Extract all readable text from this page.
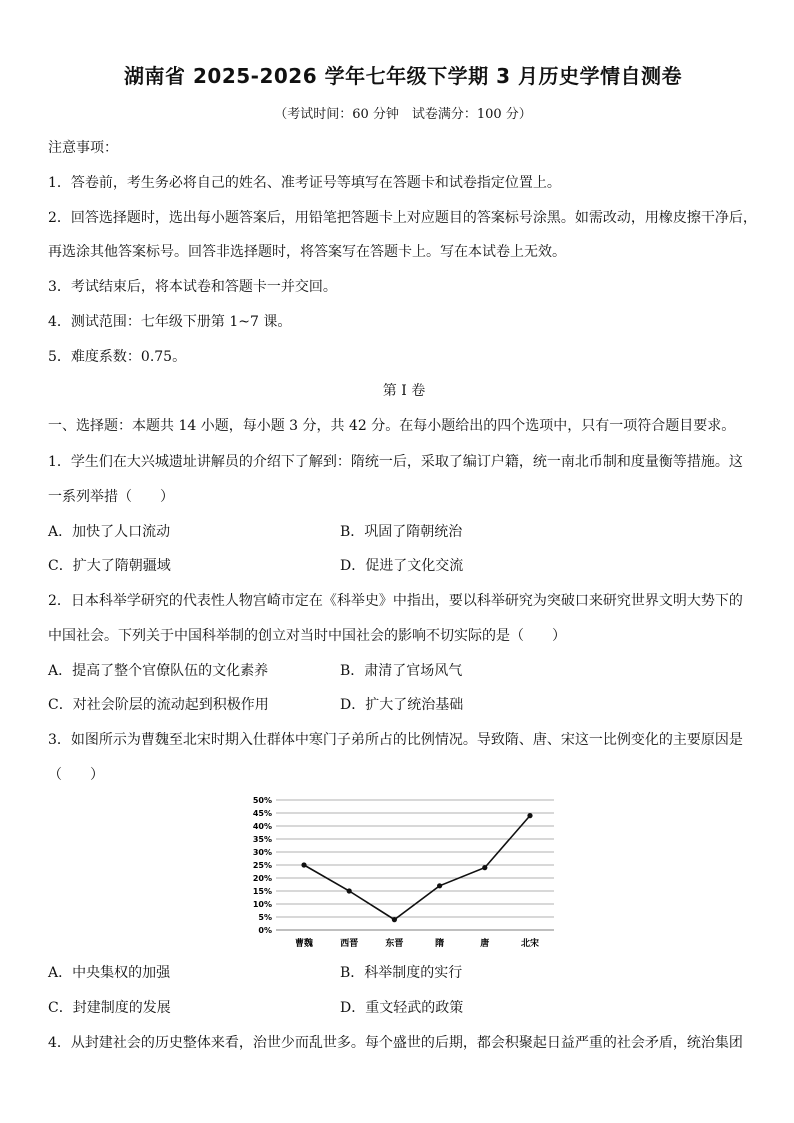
湖南省 2025-2026 学年七年级下学期 3 月历史学情自测卷
（考试时间：60 分钟　试卷满分：100 分）
注意事项：
1．答卷前，考生务必将自己的姓名、准考证号等填写在答题卡和试卷指定位置上。
2．回答选择题时，选出每小题答案后，用铅笔把答题卡上对应题目的答案标号涂黑。如需改动，用橡皮擦干净后，
再选涂其他答案标号。回答非选择题时，将答案写在答题卡上。写在本试卷上无效。
3．考试结束后，将本试卷和答题卡一并交回。
4．测试范围：七年级下册第 1~7 课。
5．难度系数：0.75。
第 I 卷
一、选择题：本题共 14 小题，每小题 3 分，共 42 分。在每小题给出的四个选项中，只有一项符合题目要求。
1．学生们在大兴城遗址讲解员的介绍下了解到：隋统一后，采取了编订户籍，统一南北币制和度量衡等措施。这
一系列举措（　　）
A．加快了人口流动	B．巩固了隋朝统治
C．扩大了隋朝疆域	D．促进了文化交流
2．日本科举学研究的代表性人物宫崎市定在《科举史》中指出，要以科举研究为突破口来研究世界文明大势下的
中国社会。下列关于中国科举制的创立对当时中国社会的影响不切实际的是（　　）
A．提高了整个官僚队伍的文化素养	B．肃清了官场风气
C．对社会阶层的流动起到积极作用	D．扩大了统治基础
3．如图所示为曹魏至北宋时期入仕群体中寒门子弟所占的比例情况。导致隋、唐、宋这一比例变化的主要原因是
（　　）
0%
5%
10%
15%
20%
25%
30%
35%
40%
45%
50%
曹魏	西晋	东晋	隋	唐	北宋
A．中央集权的加强	B．科举制度的实行
C．封建制度的发展	D．重文轻武的政策
4．从封建社会的历史整体来看，治世少而乱世多。每个盛世的后期，都会积聚起日益严重的社会矛盾，统治集团
